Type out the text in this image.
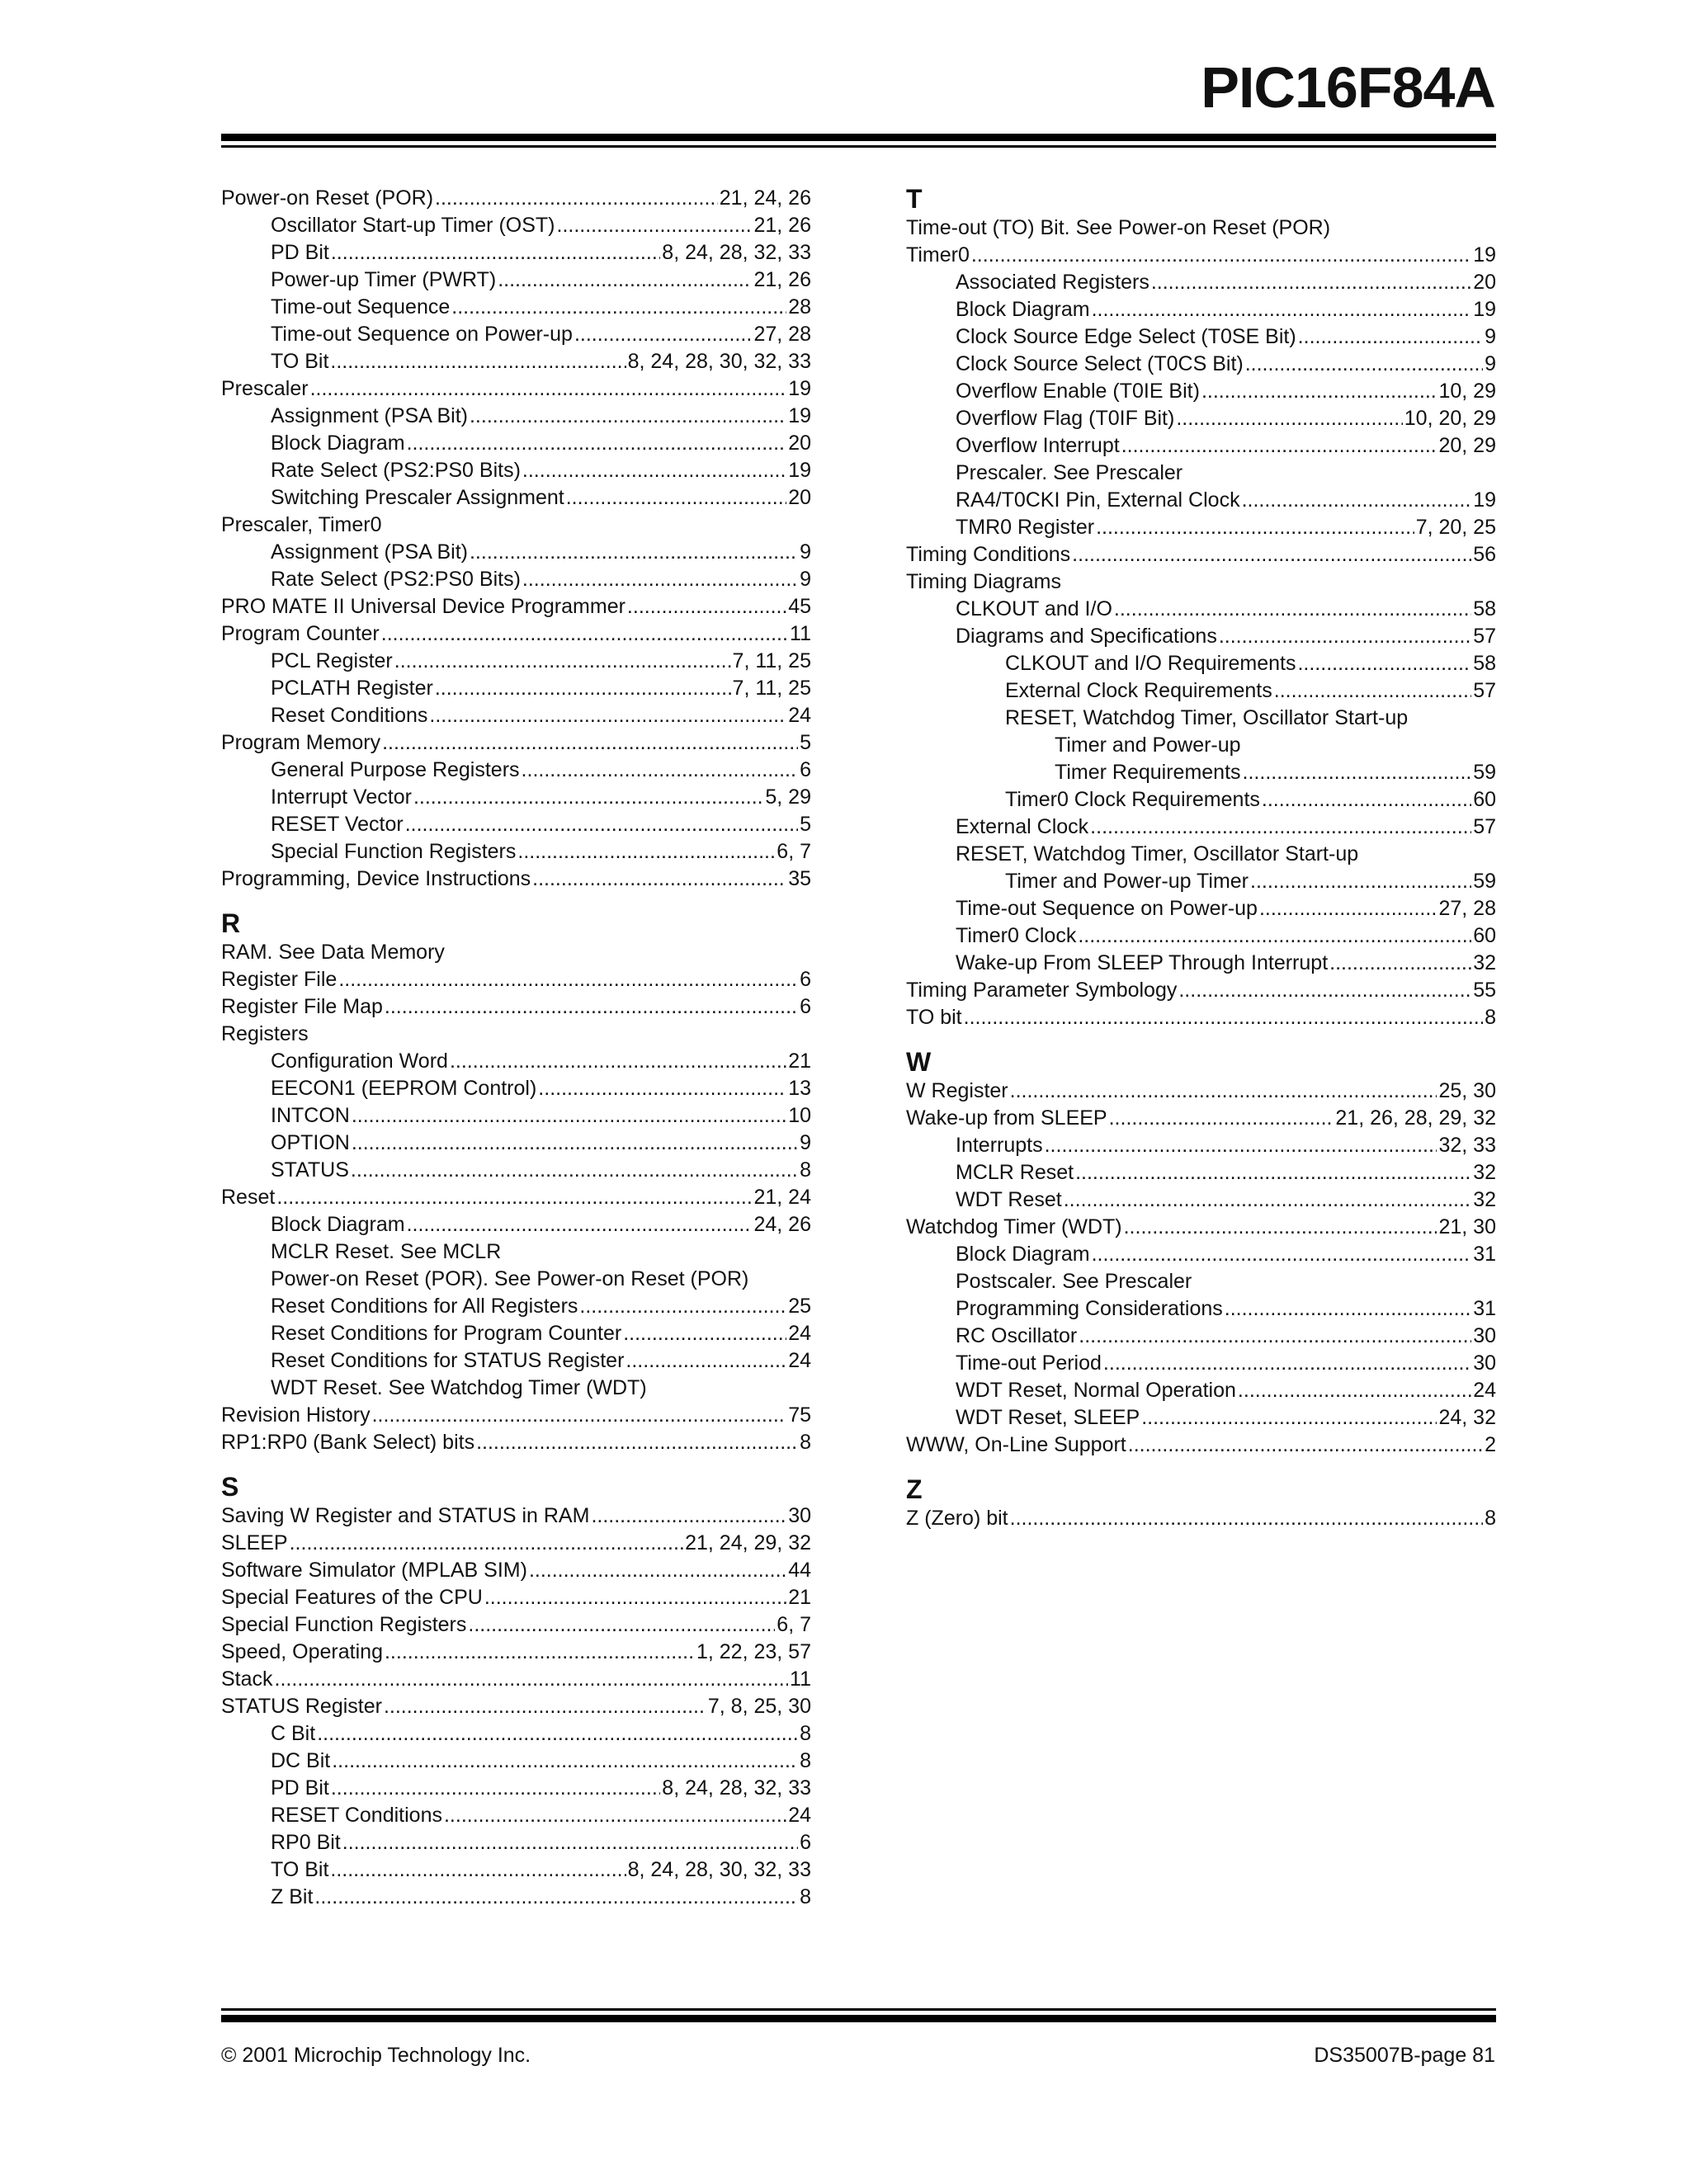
PIC16F84A
Power-on Reset (POR) .....	21, 24, 26
Oscillator Start-up Timer (OST) .....	21, 26
PD Bit .....	8, 24, 28, 32, 33
Power-up Timer (PWRT) .....	21, 26
Time-out Sequence .....	28
Time-out Sequence on Power-up .....	27, 28
TO Bit .....	8, 24, 28, 30, 32, 33
Prescaler .....	19
Assignment (PSA Bit) .....	19
Block Diagram .....	20
Rate Select (PS2:PS0 Bits) .....	19
Switching Prescaler Assignment .....	20
Prescaler, Timer0
Assignment (PSA Bit) .....	9
Rate Select (PS2:PS0 Bits) .....	9
PRO MATE II Universal Device Programmer .....	45
Program Counter .....	11
PCL Register .....	7, 11, 25
PCLATH Register .....	7, 11, 25
Reset Conditions .....	24
Program Memory .....	5
General Purpose Registers .....	6
Interrupt Vector .....	5, 29
RESET Vector .....	5
Special Function Registers .....	6, 7
Programming, Device Instructions .....	35
R
RAM. See Data Memory
Register File .....	6
Register File Map .....	6
Registers
Configuration Word .....	21
EECON1 (EEPROM Control) .....	13
INTCON .....	10
OPTION .....	9
STATUS .....	8
Reset .....	21, 24
Block Diagram .....	24, 26
MCLR Reset. See MCLR
Power-on Reset (POR). See Power-on Reset (POR)
Reset Conditions for All Registers .....	25
Reset Conditions for Program Counter .....	24
Reset Conditions for STATUS Register .....	24
WDT Reset. See Watchdog Timer (WDT)
Revision History .....	75
RP1:RP0 (Bank Select) bits .....	8
S
Saving W Register and STATUS in RAM .....	30
SLEEP .....	21, 24, 29, 32
Software Simulator (MPLAB SIM) .....	44
Special Features of the CPU .....	21
Special Function Registers .....	6, 7
Speed, Operating .....	1, 22, 23, 57
Stack .....	11
STATUS Register .....	7, 8, 25, 30
C Bit .....	8
DC Bit .....	8
PD Bit .....	8, 24, 28, 32, 33
RESET Conditions .....	24
RP0 Bit .....	6
TO Bit .....	8, 24, 28, 30, 32, 33
Z Bit .....	8
T
Time-out (TO) Bit. See Power-on Reset (POR)
Timer0 .....	19
Associated Registers .....	20
Block Diagram .....	19
Clock Source Edge Select (T0SE Bit) .....	9
Clock Source Select (T0CS Bit) .....	9
Overflow Enable (T0IE Bit) .....	10, 29
Overflow Flag (T0IF Bit) .....	10, 20, 29
Overflow Interrupt .....	20, 29
Prescaler. See Prescaler
RA4/T0CKI Pin, External Clock .....	19
TMR0 Register .....	7, 20, 25
Timing Conditions .....	56
Timing Diagrams
CLKOUT and I/O .....	58
Diagrams and Specifications .....	57
CLKOUT and I/O Requirements .....	58
External Clock Requirements .....	57
RESET, Watchdog Timer, Oscillator Start-up
Timer and Power-up
Timer Requirements .....	59
Timer0 Clock Requirements .....	60
External Clock .....	57
RESET, Watchdog Timer, Oscillator Start-up
Timer and Power-up Timer .....	59
Time-out Sequence on Power-up .....	27, 28
Timer0 Clock .....	60
Wake-up From SLEEP Through Interrupt .....	32
Timing Parameter Symbology .....	55
TO bit .....	8
W
W Register .....	25, 30
Wake-up from SLEEP .....	21, 26, 28, 29, 32
Interrupts .....	32, 33
MCLR Reset .....	32
WDT Reset .....	32
Watchdog Timer (WDT) .....	21, 30
Block Diagram .....	31
Postscaler. See Prescaler
Programming Considerations .....	31
RC Oscillator .....	30
Time-out Period .....	30
WDT Reset, Normal Operation .....	24
WDT Reset, SLEEP .....	24, 32
WWW, On-Line Support .....	2
Z
Z (Zero) bit .....	8
© 2001 Microchip Technology Inc.	DS35007B-page 81
